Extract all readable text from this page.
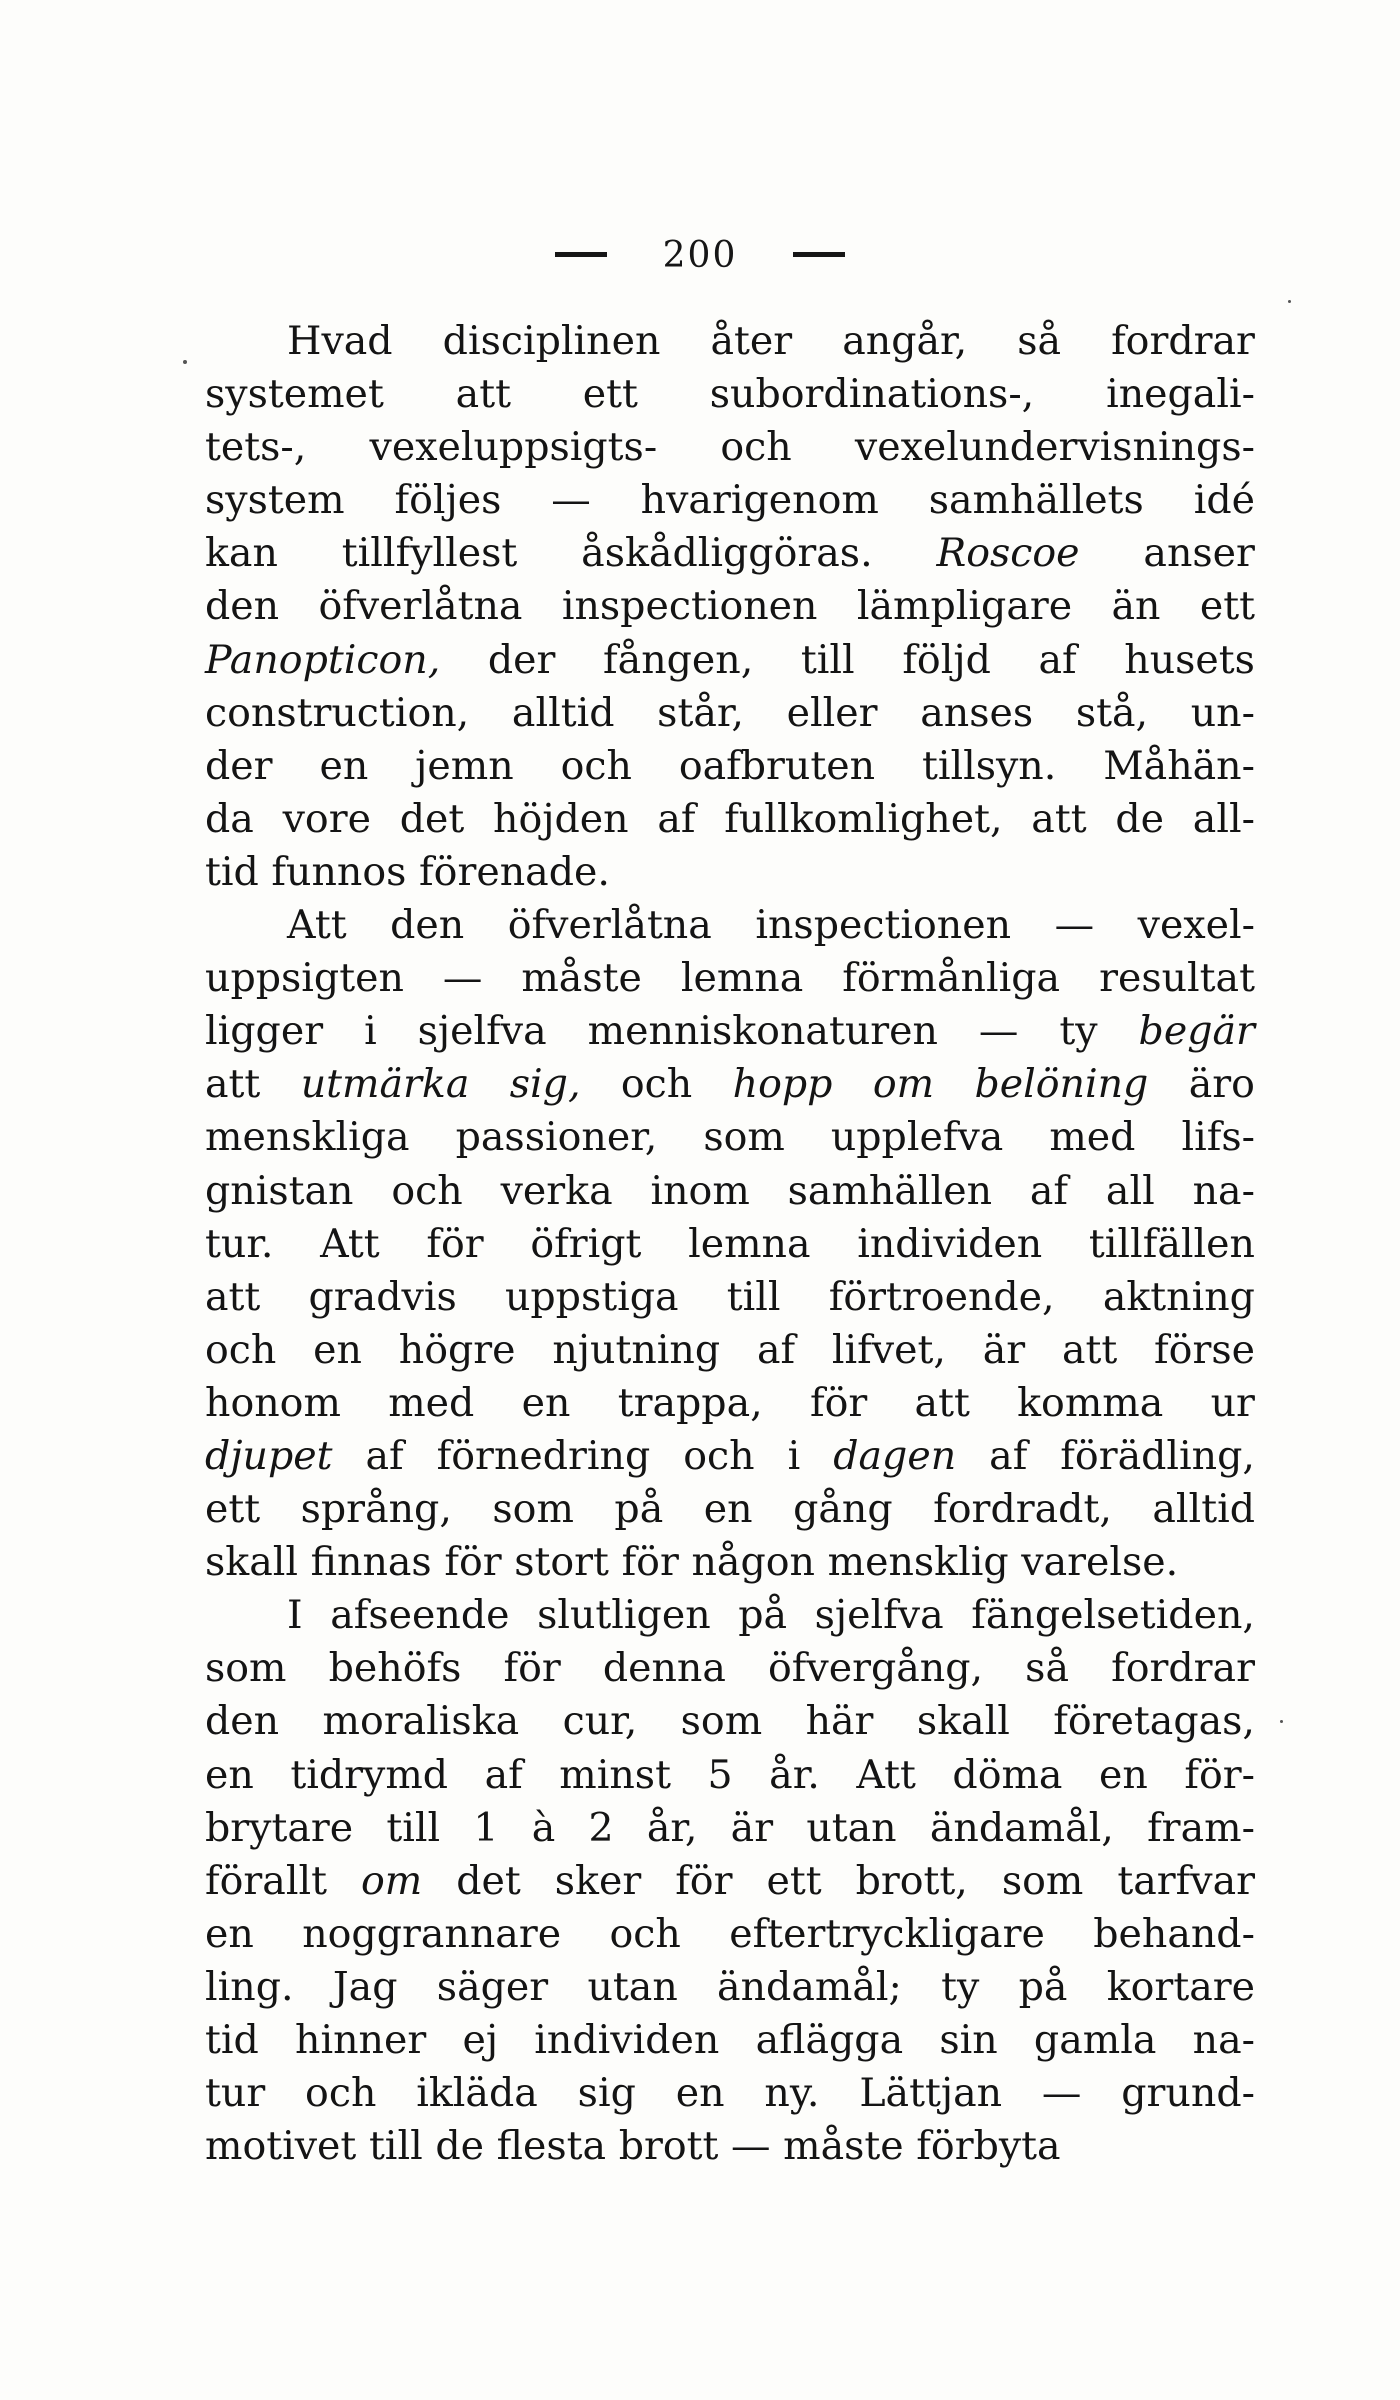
200
Hvad disciplinen åter angår, så fordrar
systemet att ett subordinations-, inegali-
tets-, vexeluppsigts- och vexelundervisnings-
system följes — hvarigenom samhällets idé
kan tillfyllest åskådliggöras. Roscoe anser
den öfverlåtna inspectionen lämpligare än ett
Panopticon, der fången, till följd af husets
construction, alltid står, eller anses stå, un-
der en jemn och oafbruten tillsyn. Måhän-
da vore det höjden af fullkomlighet, att de all-
tid funnos förenade.
Att den öfverlåtna inspectionen — vexel-
uppsigten — måste lemna förmånliga resultat
ligger i sjelfva menniskonaturen — ty begär
att utmärka sig, och hopp om belöning äro
menskliga passioner, som upplefva med lifs-
gnistan och verka inom samhällen af all na-
tur. Att för öfrigt lemna individen tillfällen
att gradvis uppstiga till förtroende, aktning
och en högre njutning af lifvet, är att förse
honom med en trappa, för att komma ur
djupet af förnedring och i dagen af förädling,
ett språng, som på en gång fordradt, alltid
skall finnas för stort för någon mensklig varelse.
I afseende slutligen på sjelfva fängelsetiden,
som behöfs för denna öfvergång, så fordrar
den moraliska cur, som här skall företagas,
en tidrymd af minst 5 år. Att döma en för-
brytare till 1 à 2 år, är utan ändamål, fram-
förallt om det sker för ett brott, som tarfvar
en noggrannare och eftertryckligare behand-
ling. Jag säger utan ändamål; ty på kortare
tid hinner ej individen aflägga sin gamla na-
tur och ikläda sig en ny. Lättjan — grund-
motivet till de flesta brott — måste förbyta
